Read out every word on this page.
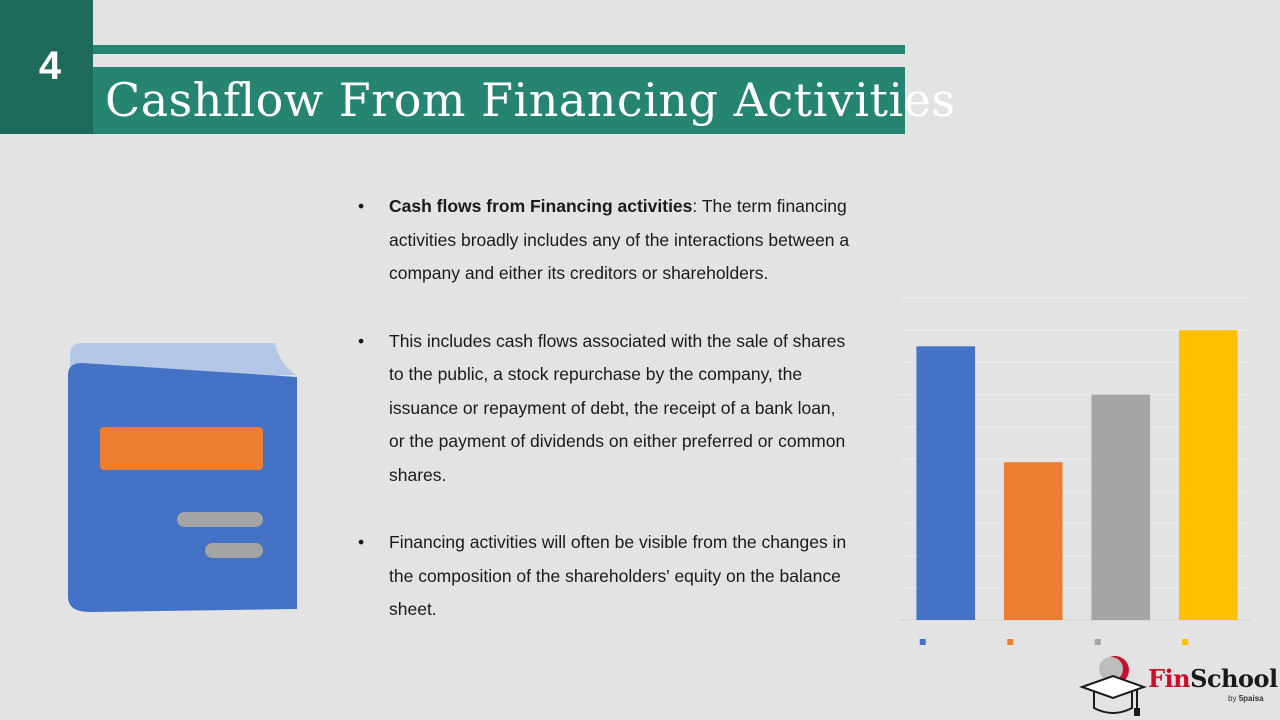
4
Cashflow From Financing Activities
• Cash flows from Financing activities: The term financing activities broadly includes any of the interactions between a company and either its creditors or shareholders.
• This includes cash flows associated with the sale of shares to the public, a stock repurchase by the company, the issuance or repayment of debt, the receipt of a bank loan, or the payment of dividends on either preferred or common shares.
• Financing activities will often be visible from the changes in the composition of the shareholders' equity on the balance sheet.
FinSchool
by 5paisa
